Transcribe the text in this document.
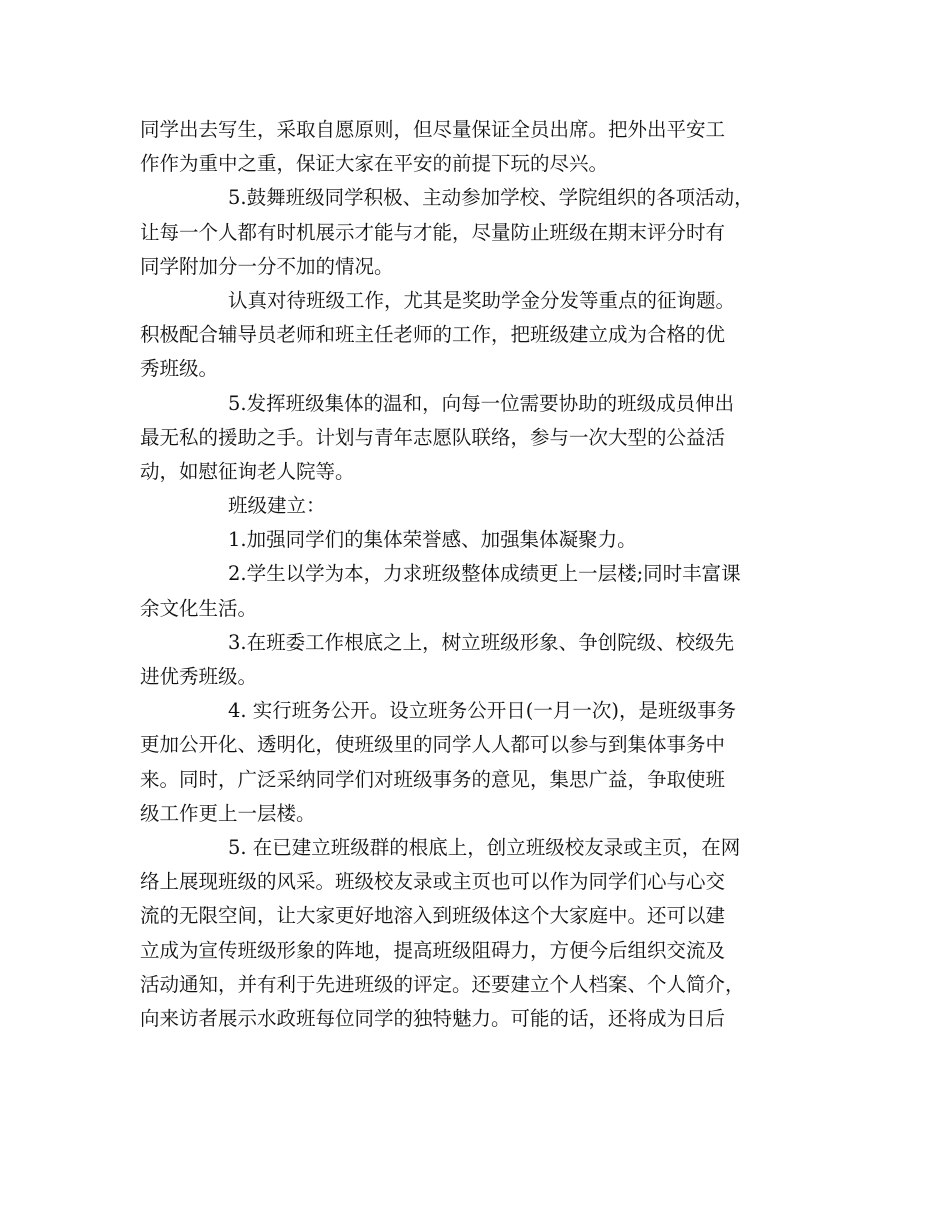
同学出去写生，采取自愿原则，但尽量保证全员出席。把外出平安工
作作为重中之重，保证大家在平安的前提下玩的尽兴。
5.鼓舞班级同学积极、主动参加学校、学院组织的各项活动，
让每一个人都有时机展示才能与才能，尽量防止班级在期末评分时有
同学附加分一分不加的情况。
认真对待班级工作，尤其是奖助学金分发等重点的征询题。
积极配合辅导员老师和班主任老师的工作，把班级建立成为合格的优
秀班级。
5.发挥班级集体的温和，向每一位需要协助的班级成员伸出
最无私的援助之手。计划与青年志愿队联络，参与一次大型的公益活
动，如慰征询老人院等。
班级建立：
1.加强同学们的集体荣誉感、加强集体凝聚力。
2.学生以学为本，力求班级整体成绩更上一层楼;同时丰富课
余文化生活。
3.在班委工作根底之上，树立班级形象、争创院级、校级先
进优秀班级。
4. 实行班务公开。设立班务公开日(一月一次)，是班级事务
更加公开化、透明化，使班级里的同学人人都可以参与到集体事务中
来。同时，广泛采纳同学们对班级事务的意见，集思广益，争取使班
级工作更上一层楼。
5. 在已建立班级群的根底上，创立班级校友录或主页，在网
络上展现班级的风采。班级校友录或主页也可以作为同学们心与心交
流的无限空间，让大家更好地溶入到班级体这个大家庭中。还可以建
立成为宣传班级形象的阵地，提高班级阻碍力，方便今后组织交流及
活动通知，并有利于先进班级的评定。还要建立个人档案、个人简介，
向来访者展示水政班每位同学的独特魅力。可能的话，还将成为日后
